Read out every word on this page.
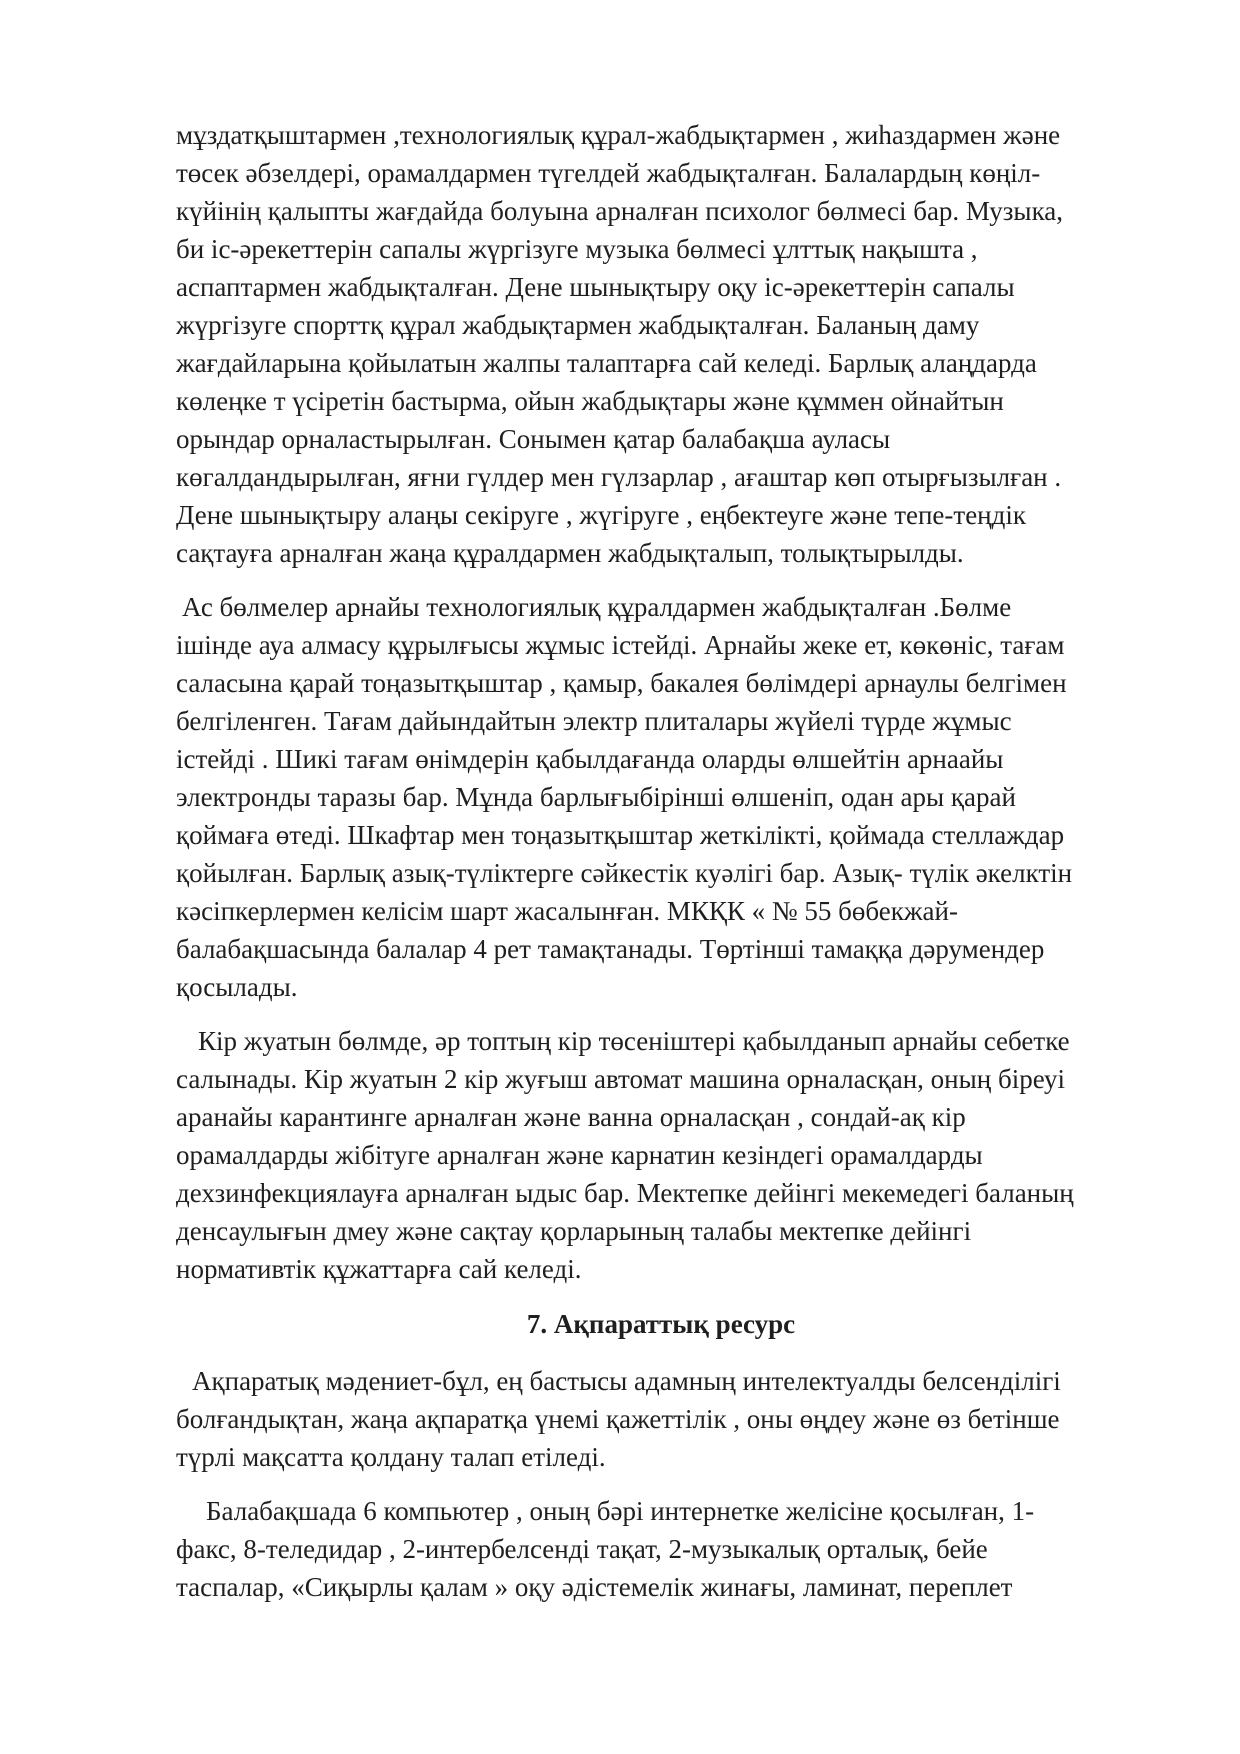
мұздатқыштармен ,технологиялық құрал-жабдықтармен , жиһаздармен және
төсек әбзелдері, орамалдармен түгелдей жабдықталған. Балалардың көңіл-
күйінің қалыпты жағдайда болуына арналған психолог бөлмесі бар. Музыка,
би іс-әрекеттерін сапалы жүргізуге музыка бөлмесі ұлттық нақышта ,
аспаптармен жабдықталған. Дене шынықтыру оқу іс-әрекеттерін сапалы
жүргізуге спорттқ құрал жабдықтармен жабдықталған. Баланың даму
жағдайларына қойылатын жалпы талаптарға сай келеді. Барлық алаңдарда
көлеңке т үсіретін бастырма, ойын жабдықтары және құммен ойнайтын
орындар орналастырылған. Сонымен қатар балабақша ауласы
көгалдандырылған, яғни гүлдер мен гүлзарлар , ағаштар көп отырғызылған .
Дене шынықтыру алаңы секіруге , жүгіруге , еңбектеуге және тепе-теңдік
сақтауға арналған жаңа құралдармен жабдықталып, толықтырылды.
Ас бөлмелер арнайы технологиялық құралдармен жабдықталған .Бөлме
ішінде ауа алмасу құрылғысы жұмыс істейді. Арнайы жеке ет, көкөніс, тағам
саласына қарай тоңазытқыштар , қамыр, бакалея бөлімдері арнаулы белгімен
белгіленген. Тағам дайындайтын электр плиталары жүйелі түрде жұмыс
істейді . Шикі тағам өнімдерін қабылдағанда оларды өлшейтін арнаайы
электронды таразы бар. Мұнда барлығыбірінші өлшеніп, одан ары қарай
қоймаға өтеді. Шкафтар мен тоңазытқыштар жеткілікті, қоймада стеллаждар
қойылған. Барлық азық-түліктерге сәйкестік куәлігі бар. Азық- түлік әкелктін
кәсіпкерлермен келісім шарт жасалынған. МКҚК « № 55 бөбекжай-
балабақшасында балалар 4 рет тамақтанады. Төртінші тамаққа дәрумендер
қосылады.
Кір жуатын бөлмде, әр топтың кір төсеніштері қабылданып арнайы себетке
салынады. Кір жуатын 2 кір жуғыш автомат машина орналасқан, оның біреуі
аранайы карантинге арналған және ванна орналасқан , сондай-ақ кір
орамалдарды жібітуге арналған және карнатин кезіндегі орамалдарды
дехзинфекциялауға арналған ыдыс бар. Мектепке дейінгі мекемедегі баланың
денсаулығын дмеу және сақтау қорларының талабы мектепке дейінгі
нормативтік құжаттарға сай келеді.
7. Ақпараттық ресурс
Ақпаратық мәдениет-бұл, ең бастысы адамның интелектуалды белсенділігі
болғандықтан, жаңа ақпаратқа үнемі қажеттілік , оны өңдеу және өз бетінше
түрлі мақсатта қолдану талап етіледі.
Балабақшада 6 компьютер , оның бәрі интернетке желісіне қосылған, 1-
факс, 8-теледидар , 2-интербелсенді тақат, 2-музыкалық орталық, бейе
таспалар, «Сиқырлы қалам » оқу әдістемелік жинағы, ламинат, переплет
